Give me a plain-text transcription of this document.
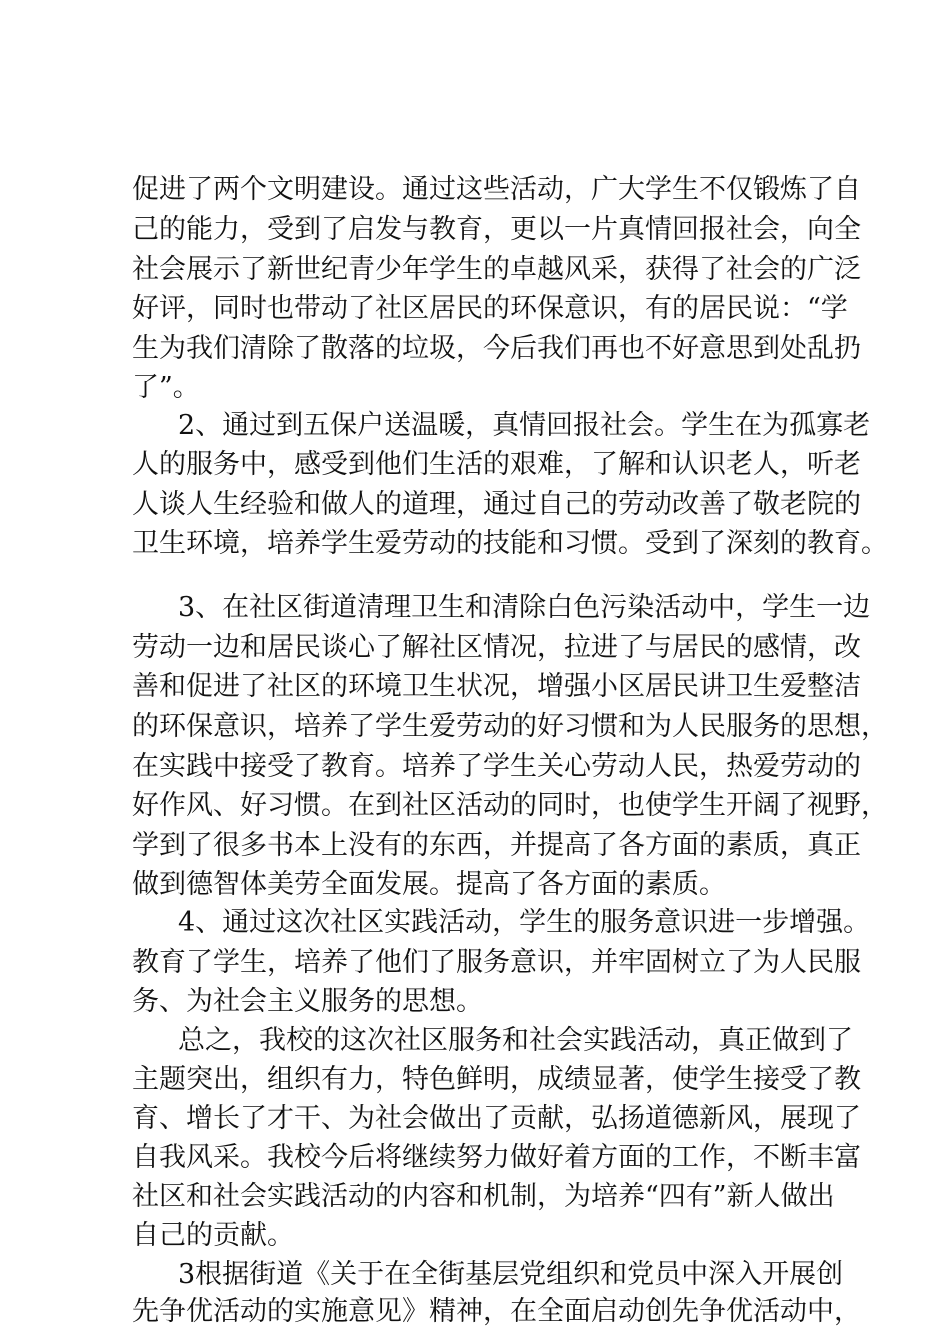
促进了两个文明建设。通过这些活动，广大学生不仅锻炼了自
己的能力，受到了启发与教育，更以一片真情回报社会，向全
社会展示了新世纪青少年学生的卓越风采，获得了社会的广泛
好评，同时也带动了社区居民的环保意识，有的居民说：“学
生为我们清除了散落的垃圾，今后我们再也不好意思到处乱扔
了”。
2、通过到五保户送温暖，真情回报社会。学生在为孤寡老
人的服务中，感受到他们生活的艰难，了解和认识老人，听老
人谈人生经验和做人的道理，通过自己的劳动改善了敬老院的
卫生环境，培养学生爱劳动的技能和习惯。受到了深刻的教育。
3、在社区街道清理卫生和清除白色污染活动中，学生一边
劳动一边和居民谈心了解社区情况，拉进了与居民的感情，改
善和促进了社区的环境卫生状况，增强小区居民讲卫生爱整洁
的环保意识，培养了学生爱劳动的好习惯和为人民服务的思想，
在实践中接受了教育。培养了学生关心劳动人民，热爱劳动的
好作风、好习惯。在到社区活动的同时，也使学生开阔了视野，
学到了很多书本上没有的东西，并提高了各方面的素质，真正
做到德智体美劳全面发展。提高了各方面的素质。
4、通过这次社区实践活动，学生的服务意识进一步增强。
教育了学生，培养了他们了服务意识，并牢固树立了为人民服
务、为社会主义服务的思想。
总之，我校的这次社区服务和社会实践活动，真正做到了
主题突出，组织有力，特色鲜明，成绩显著，使学生接受了教
育、增长了才干、为社会做出了贡献，弘扬道德新风，展现了
自我风采。我校今后将继续努力做好着方面的工作，不断丰富
社区和社会实践活动的内容和机制，为培养“四有”新人做出
自己的贡献。
3根据街道《关于在全街基层党组织和党员中深入开展创
先争优活动的实施意见》精神，在全面启动创先争优活动中，
